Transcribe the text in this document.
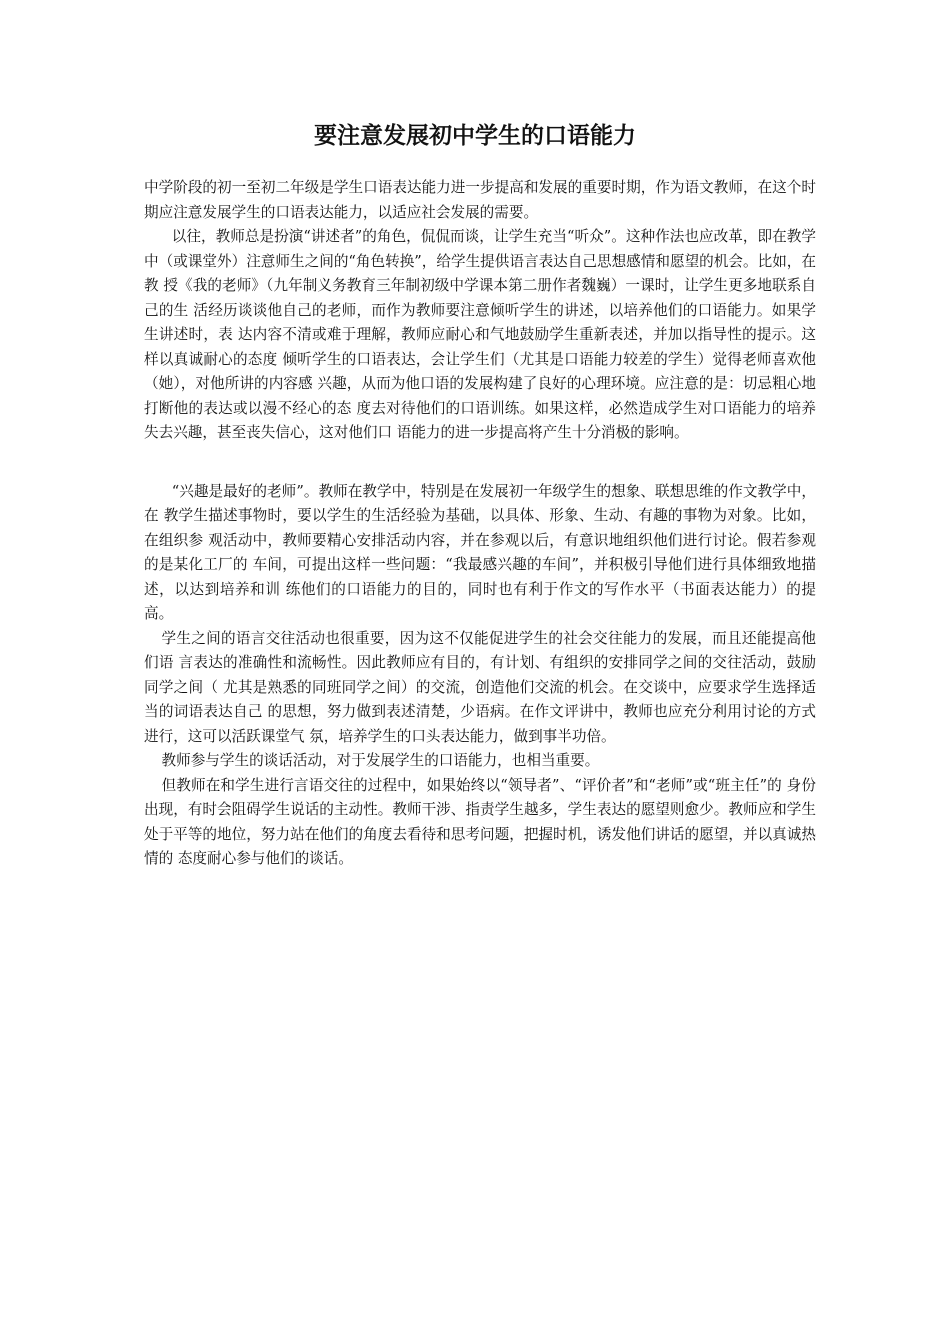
要注意发展初中学生的口语能力

中学阶段的初一至初二年级是学生口语表达能力进一步提高和发展的重要时期，作为语文教师，在这个时 期应注意发展学生的口语表达能力，以适应社会发展的需要。

以往，教师总是扮演“讲述者”的角色，侃侃而谈，让学生充当“听众”。这种作法也应改革，即在教学 中（或课堂外）注意师生之间的“角色转换”，给学生提供语言表达自己思想感情和愿望的机会。比如，在教 授《我的老师》（九年制义务教育三年制初级中学课本第二册作者魏巍）一课时，让学生更多地联系自己的生 活经历谈谈他自己的老师，而作为教师要注意倾听学生的讲述，以培养他们的口语能力。如果学生讲述时，表 达内容不清或难于理解，教师应耐心和气地鼓励学生重新表述，并加以指导性的提示。这样以真诚耐心的态度 倾听学生的口语表达，会让学生们（尤其是口语能力较差的学生）觉得老师喜欢他（她），对他所讲的内容感 兴趣，从而为他口语的发展构建了良好的心理环境。应注意的是：切忌粗心地打断他的表达或以漫不经心的态 度去对待他们的口语训练。如果这样，必然造成学生对口语能力的培养失去兴趣，甚至丧失信心，这对他们口 语能力的进一步提高将产生十分消极的影响。

“兴趣是最好的老师”。教师在教学中，特别是在发展初一年级学生的想象、联想思维的作文教学中，在 教学生描述事物时，要以学生的生活经验为基础，以具体、形象、生动、有趣的事物为对象。比如，在组织参 观活动中，教师要精心安排活动内容，并在参观以后，有意识地组织他们进行讨论。假若参观的是某化工厂的 车间，可提出这样一些问题：“我最感兴趣的车间”，并积极引导他们进行具体细致地描述，以达到培养和训 练他们的口语能力的目的，同时也有利于作文的写作水平（书面表达能力）的提高。

学生之间的语言交往活动也很重要，因为这不仅能促进学生的社会交往能力的发展，而且还能提高他们语 言表达的准确性和流畅性。因此教师应有目的，有计划、有组织的安排同学之间的交往活动，鼓励同学之间（ 尤其是熟悉的同班同学之间）的交流，创造他们交流的机会。在交谈中，应要求学生选择适当的词语表达自己 的思想，努力做到表述清楚，少语病。在作文评讲中，教师也应充分利用讨论的方式进行，这可以活跃课堂气 氛，培养学生的口头表达能力，做到事半功倍。

教师参与学生的谈话活动，对于发展学生的口语能力，也相当重要。

但教师在和学生进行言语交往的过程中，如果始终以“领导者”、“评价者”和“老师”或“班主任”的 身份出现，有时会阻碍学生说话的主动性。教师干涉、指责学生越多，学生表达的愿望则愈少。教师应和学生 处于平等的地位，努力站在他们的角度去看待和思考问题，把握时机，诱发他们讲话的愿望，并以真诚热情的 态度耐心参与他们的谈话。
